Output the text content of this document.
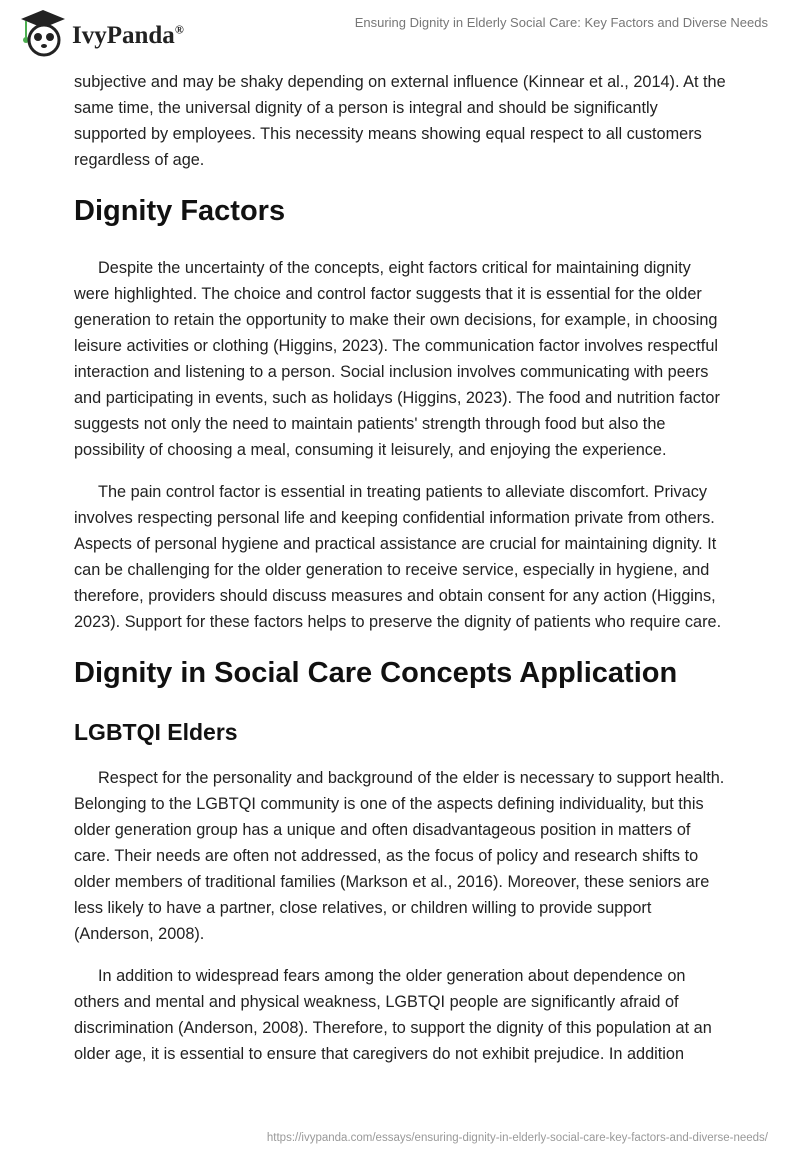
IvyPanda®	Ensuring Dignity in Elderly Social Care: Key Factors and Diverse Needs

subjective and may be shaky depending on external influence (Kinnear et al., 2014). At the same time, the universal dignity of a person is integral and should be significantly supported by employees. This necessity means showing equal respect to all customers regardless of age.

Dignity Factors

Despite the uncertainty of the concepts, eight factors critical for maintaining dignity were highlighted. The choice and control factor suggests that it is essential for the older generation to retain the opportunity to make their own decisions, for example, in choosing leisure activities or clothing (Higgins, 2023). The communication factor involves respectful interaction and listening to a person. Social inclusion involves communicating with peers and participating in events, such as holidays (Higgins, 2023). The food and nutrition factor suggests not only the need to maintain patients' strength through food but also the possibility of choosing a meal, consuming it leisurely, and enjoying the experience.

The pain control factor is essential in treating patients to alleviate discomfort. Privacy involves respecting personal life and keeping confidential information private from others. Aspects of personal hygiene and practical assistance are crucial for maintaining dignity. It can be challenging for the older generation to receive service, especially in hygiene, and therefore, providers should discuss measures and obtain consent for any action (Higgins, 2023). Support for these factors helps to preserve the dignity of patients who require care.

Dignity in Social Care Concepts Application
LGBTQI Elders

Respect for the personality and background of the elder is necessary to support health. Belonging to the LGBTQI community is one of the aspects defining individuality, but this older generation group has a unique and often disadvantageous position in matters of care. Their needs are often not addressed, as the focus of policy and research shifts to older members of traditional families (Markson et al., 2016). Moreover, these seniors are less likely to have a partner, close relatives, or children willing to provide support (Anderson, 2008).

In addition to widespread fears among the older generation about dependence on others and mental and physical weakness, LGBTQI people are significantly afraid of discrimination (Anderson, 2008). Therefore, to support the dignity of this population at an older age, it is essential to ensure that caregivers do not exhibit prejudice. In addition

https://ivypanda.com/essays/ensuring-dignity-in-elderly-social-care-key-factors-and-diverse-needs/
